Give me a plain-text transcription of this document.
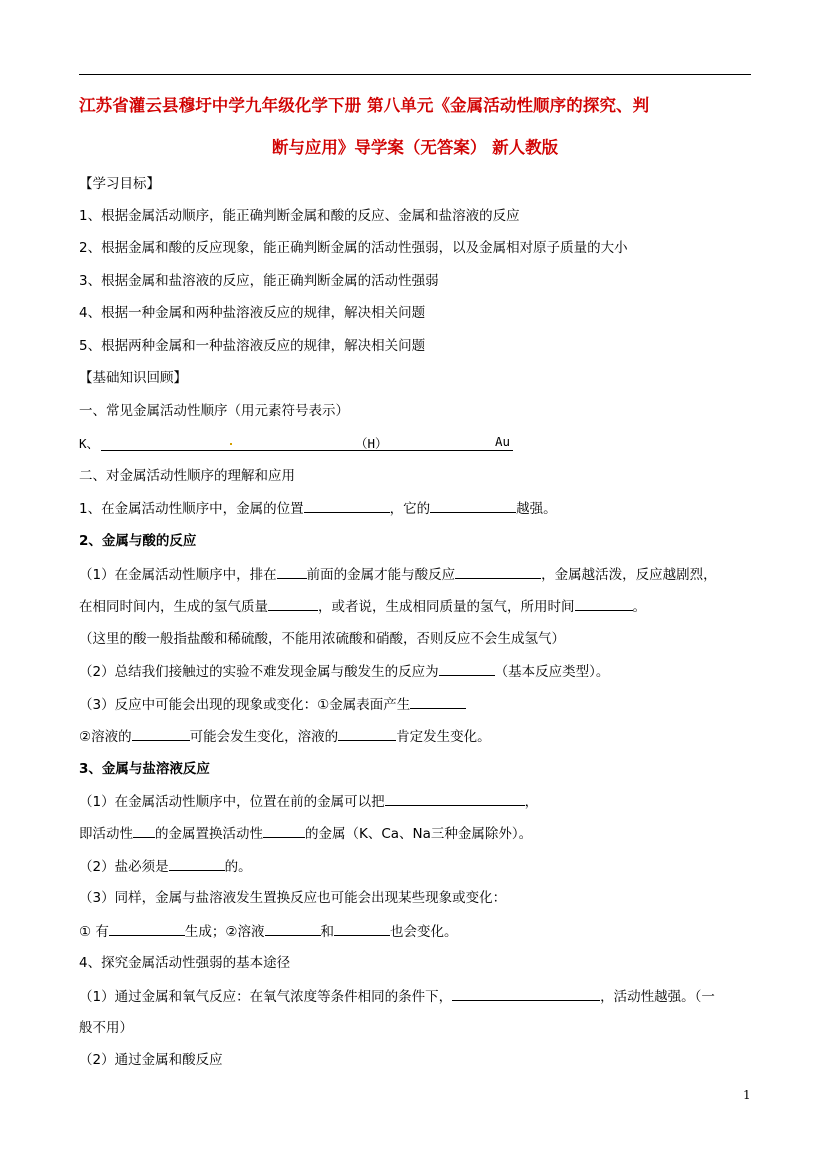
江苏省灌云县穆圩中学九年级化学下册 第八单元《金属活动性顺序的探究、判
断与应用》导学案（无答案） 新人教版
【学习目标】
1、根据金属活动顺序，能正确判断金属和酸的反应、金属和盐溶液的反应
2、根据金属和酸的反应现象，能正确判断金属的活动性强弱，以及金属相对原子质量的大小
3、根据金属和盐溶液的反应，能正确判断金属的活动性强弱
4、根据一种金属和两种盐溶液反应的规律，解决相关问题
5、根据两种金属和一种盐溶液反应的规律，解决相关问题
【基础知识回顾】
一、常见金属活动性顺序（用元素符号表示）
K、	（H）	Au
二、对金属活动性顺序的理解和应用
1、在金属活动性顺序中，金属的位置	，它的	越强。
2、金属与酸的反应
（1）在金属活动性顺序中，排在 前面的金属才能与酸反应	，金属越活泼，反应越剧烈，
在相同时间内，生成的氢气质量	，或者说，生成相同质量的氢气，所用时间	。
（这里的酸一般指盐酸和稀硫酸，不能用浓硫酸和硝酸，否则反应不会生成氢气）
（2）总结我们接触过的实验不难发现金属与酸发生的反应为	（基本反应类型）。
（3）反应中可能会出现的现象或变化：①金属表面产生
②溶液的	可能会发生变化，溶液的	肯定发生变化。
3、金属与盐溶液反应
（1）在金属活动性顺序中，位置在前的金属可以把	，
即活动性 的金属置换活动性	的金属（K、Ca、Na三种金属除外）。
（2）盐必须是	的。
（3）同样，金属与盐溶液发生置换反应也可能会出现某些现象或变化：
① 有	生成；②溶液	和	也会变化。
4、探究金属活动性强弱的基本途径
（1）通过金属和氧气反应：在氧气浓度等条件相同的条件下，	，活动性越强。（一
般不用）
（2）通过金属和酸反应
1
